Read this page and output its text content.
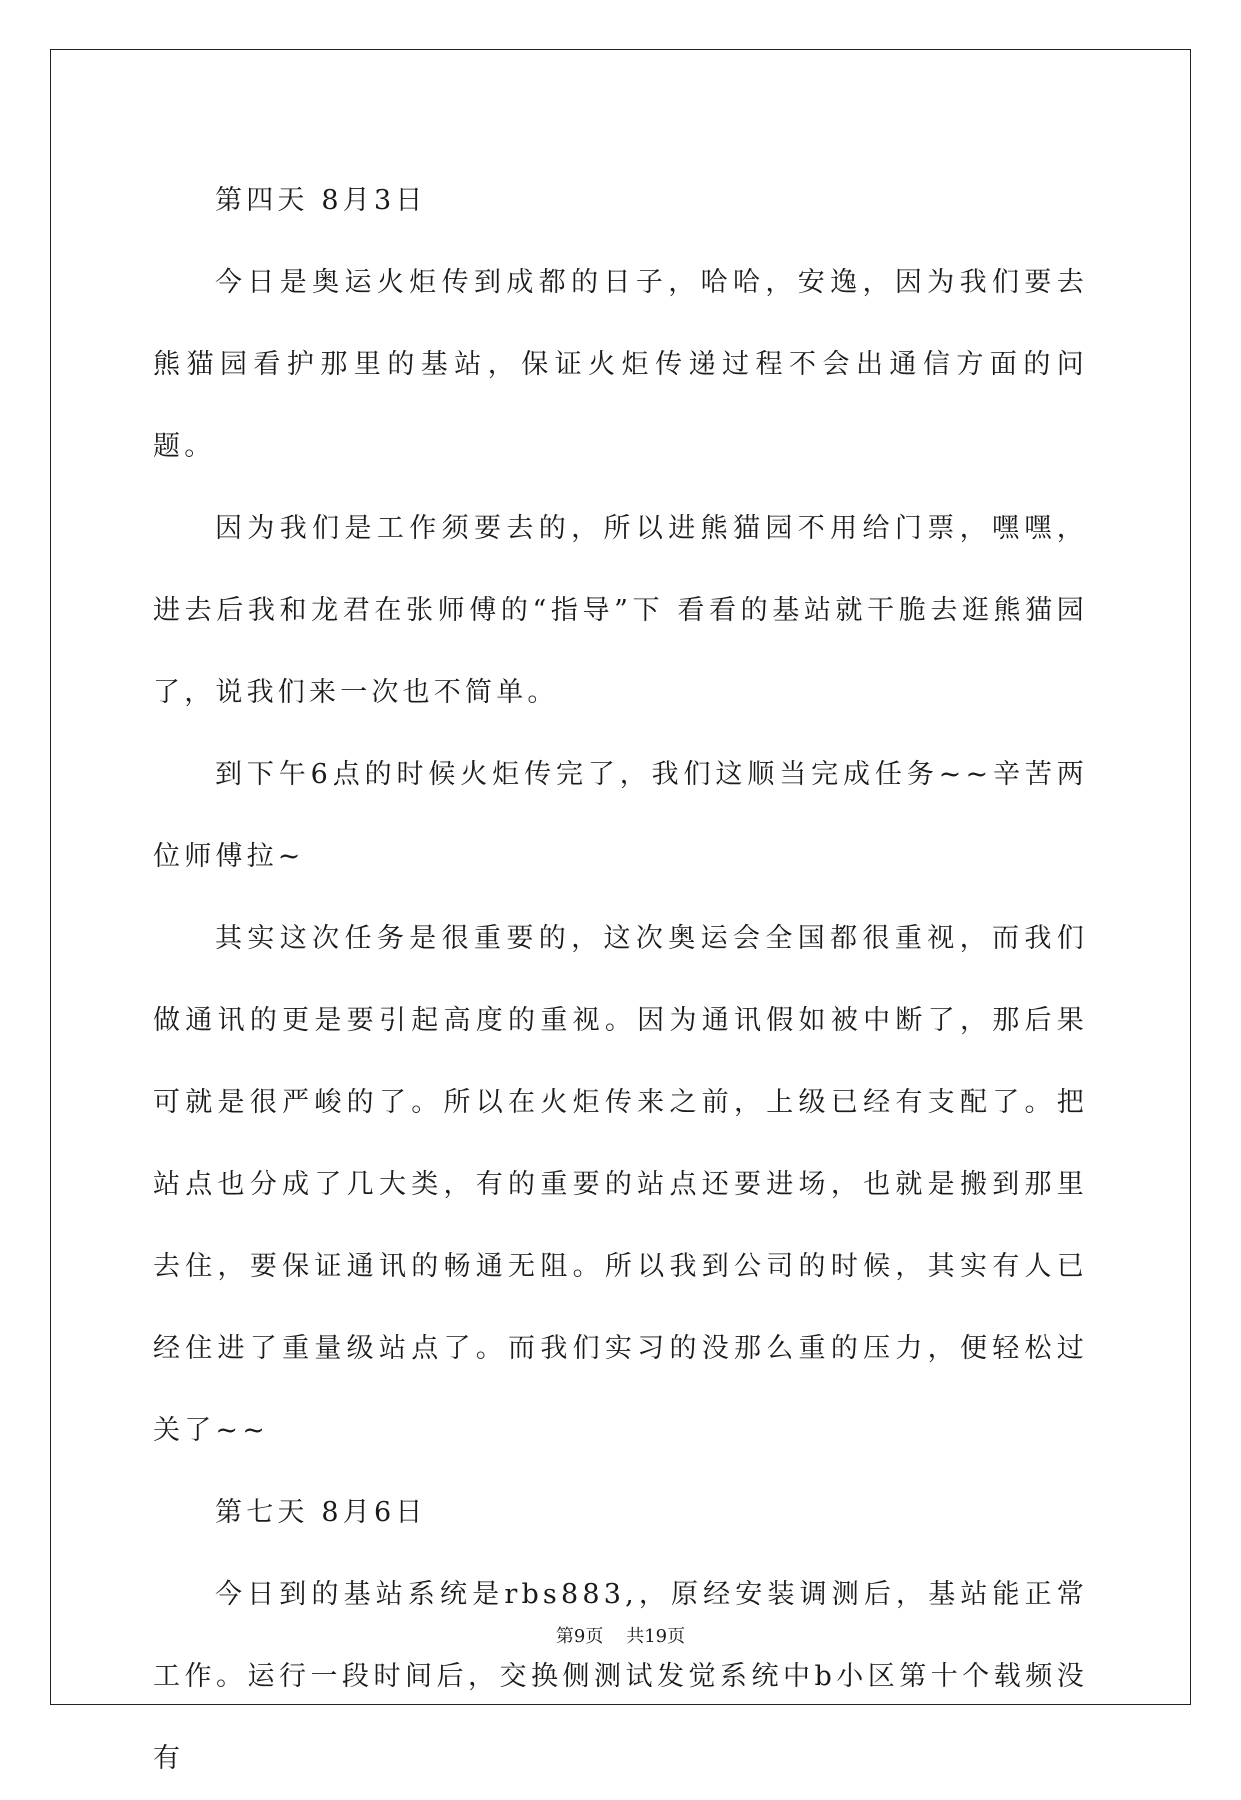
第四天 8月3日

今日是奥运火炬传到成都的日子，哈哈，安逸，因为我们要去熊猫园看护那里的基站，保证火炬传递过程不会出通信方面的问题。

因为我们是工作须要去的，所以进熊猫园不用给门票，嘿嘿，进去后我和龙君在张师傅的“指导”下 看看的基站就干脆去逛熊猫园了，说我们来一次也不简单。

到下午6点的时候火炬传完了，我们这顺当完成任务~~辛苦两位师傅拉~

其实这次任务是很重要的，这次奥运会全国都很重视，而我们做通讯的更是要引起高度的重视。因为通讯假如被中断了，那后果可就是很严峻的了。所以在火炬传来之前，上级已经有支配了。把站点也分成了几大类，有的重要的站点还要进场，也就是搬到那里去住，要保证通讯的畅通无阻。所以我到公司的时候，其实有人已经住进了重量级站点了。而我们实习的没那么重的压力，便轻松过关了~~

第七天 8月6日

今日到的基站系统是rbs883,，原经安装调测后，基站能正常工作。运行一段时间后，交换侧测试发觉系统中b小区第十个载频没有

第9页 共19页
